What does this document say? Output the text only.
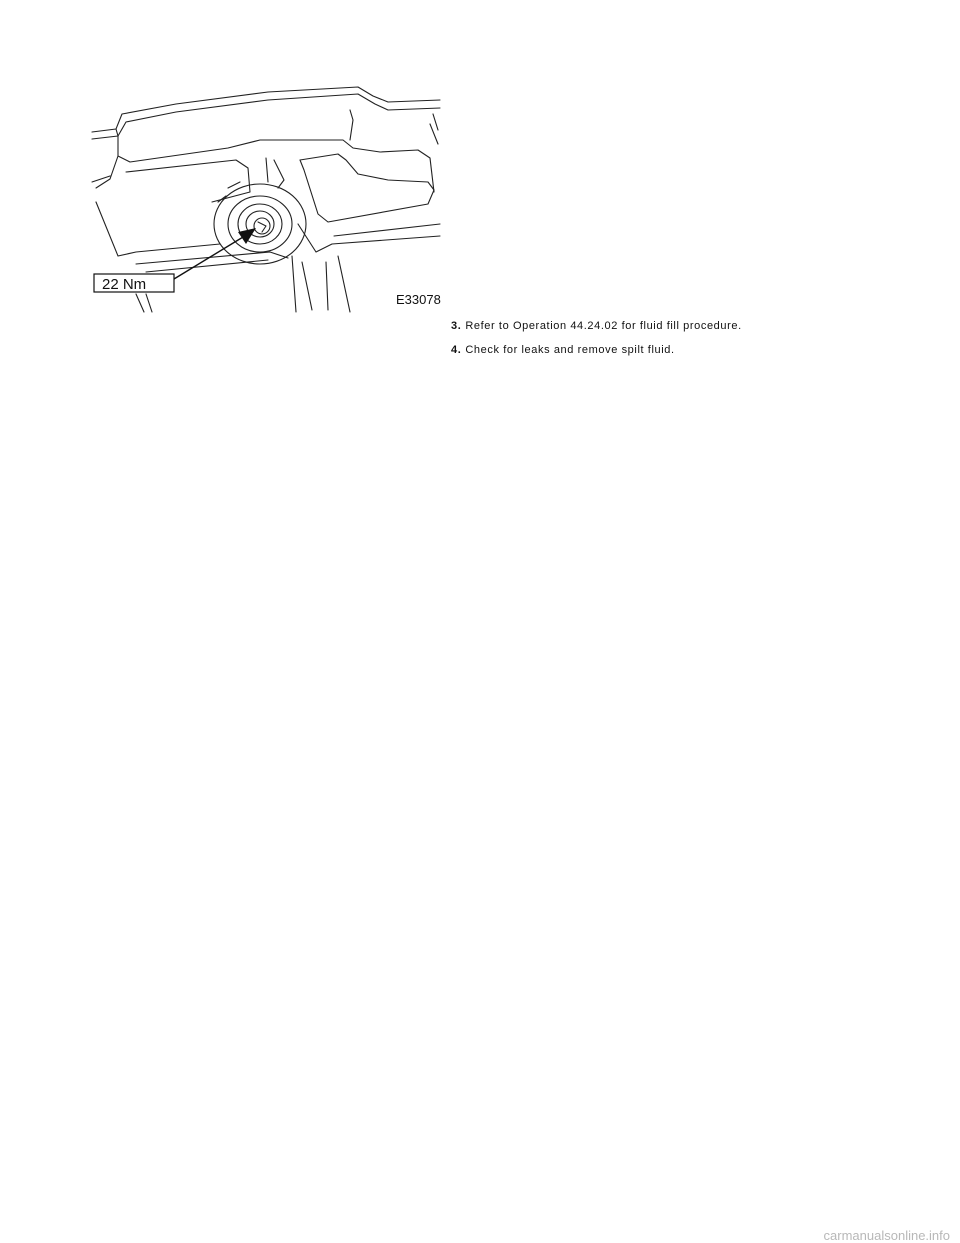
22 Nm
E33078
3. Refer to Operation 44.24.02 for fluid fill procedure.
4. Check for leaks and remove spilt fluid.
carmanualsonline.info
